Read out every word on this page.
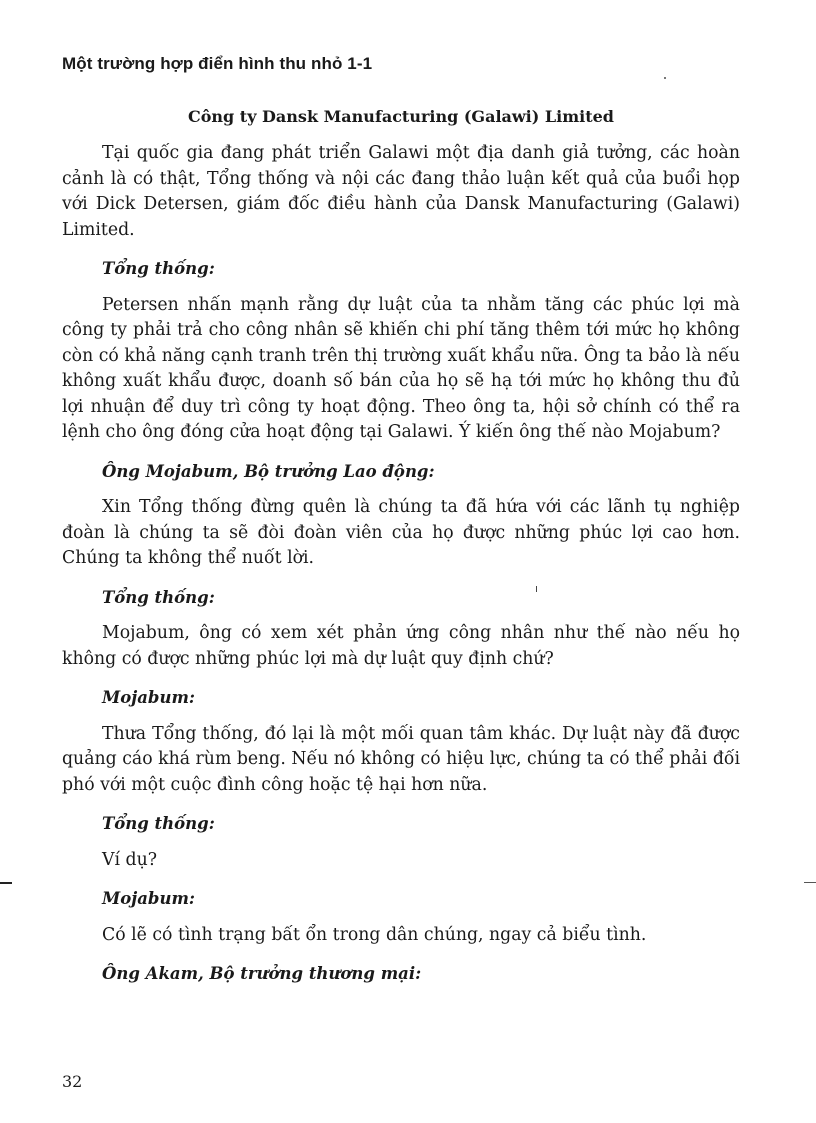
Một trường hợp điển hình thu nhỏ 1-1
Công ty Dansk Manufacturing (Galawi) Limited

Tại quốc gia đang phát triển Galawi một địa danh giả tưởng, các hoàn cảnh là có thật, Tổng thống và nội các đang thảo luận kết quả của buổi họp với Dick Detersen, giám đốc điều hành của Dansk Manufacturing (Galawi) Limited.

Tổng thống:

Petersen nhấn mạnh rằng dự luật của ta nhằm tăng các phúc lợi mà công ty phải trả cho công nhân sẽ khiến chi phí tăng thêm tới mức họ không còn có khả năng cạnh tranh trên thị trường xuất khẩu nữa. Ông ta bảo là nếu không xuất khẩu được, doanh số bán của họ sẽ hạ tới mức họ không thu đủ lợi nhuận để duy trì công ty hoạt động. Theo ông ta, hội sở chính có thể ra lệnh cho ông đóng cửa hoạt động tại Galawi. Ý kiến ông thế nào Mojabum?

Ông Mojabum, Bộ trưởng Lao động:

Xin Tổng thống đừng quên là chúng ta đã hứa với các lãnh tụ nghiệp đoàn là chúng ta sẽ đòi đoàn viên của họ được những phúc lợi cao hơn. Chúng ta không thể nuốt lời.

Tổng thống:

Mojabum, ông có xem xét phản ứng công nhân như thế nào nếu họ không có được những phúc lợi mà dự luật quy định chứ?

Mojabum:

Thưa Tổng thống, đó lại là một mối quan tâm khác. Dự luật này đã được quảng cáo khá rùm beng. Nếu nó không có hiệu lực, chúng ta có thể phải đối phó với một cuộc đình công hoặc tệ hại hơn nữa.

Tổng thống:

Ví dụ?

Mojabum:

Có lẽ có tình trạng bất ổn trong dân chúng, ngay cả biểu tình.

Ông Akam, Bộ trưởng thương mại:
32
